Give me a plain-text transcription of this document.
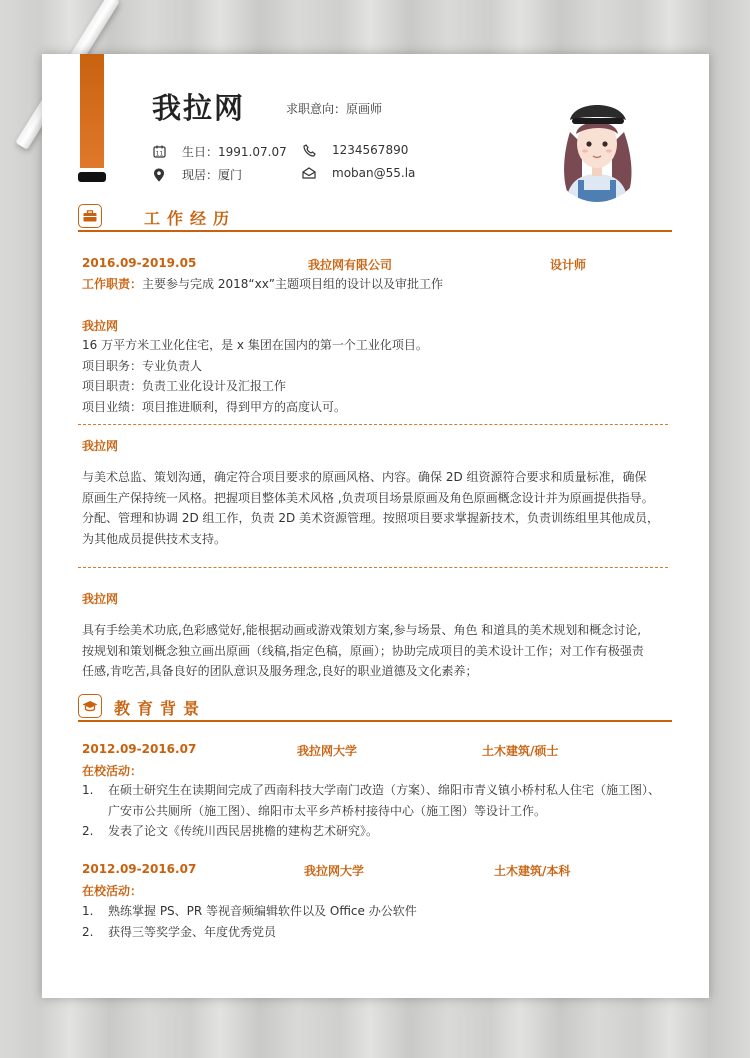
我拉网	求职意向：原画师
11 生日：1991.07.07
现居：厦门
1234567890
moban@55.la
工作经历
2016.09-2019.05	我拉网有限公司	设计师
工作职责：主要参与完成 2018“xx”主题项目组的设计以及审批工作
我拉网
16 万平方米工业化住宅，是 x 集团在国内的第一个工业化项目。
项目职务：专业负责人
项目职责：负责工业化设计及汇报工作
项目业绩：项目推进顺利，得到甲方的高度认可。
我拉网
与美术总监、策划沟通，确定符合项目要求的原画风格、内容。确保 2D 组资源符合要求和质量标准，确保
原画生产保持统一风格。把握项目整体美术风格 ,负责项目场景原画及角色原画概念设计并为原画提供指导。
分配、管理和协调 2D 组工作，负责 2D 美术资源管理。按照项目要求掌握新技术，负责训练组里其他成员，
为其他成员提供技术支持。
我拉网
具有手绘美术功底,色彩感觉好,能根据动画或游戏策划方案,参与场景、角色 和道具的美术规划和概念讨论,
按规划和策划概念独立画出原画（线稿,指定色稿，原画）；协助完成项目的美术设计工作；对工作有极强责
任感,肯吃苦,具备良好的团队意识及服务理念,良好的职业道德及文化素养；
教育背景
2012.09-2016.07	我拉网大学	土木建筑/硕士
在校活动：
1. 在硕士研究生在读期间完成了西南科技大学南门改造（方案）、绵阳市青义镇小桥村私人住宅（施工图）、
广安市公共厕所（施工图）、绵阳市太平乡芦桥村接待中心（施工图）等设计工作。
2. 发表了论文《传统川西民居挑檐的建构艺术研究》。
2012.09-2016.07	我拉网大学	土木建筑/本科
在校活动：
1. 熟练掌握 PS、PR 等视音频编辑软件以及 Office 办公软件
2. 获得三等奖学金、年度优秀党员
